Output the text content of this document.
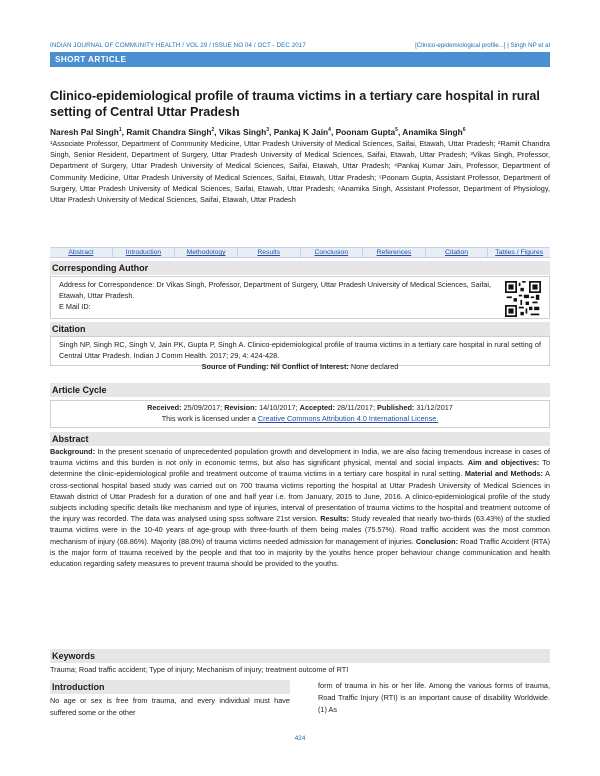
INDIAN JOURNAL OF COMMUNITY HEALTH / VOL 29 / ISSUE NO 04 / OCT - DEC 2017	[Clinico-epidemiological profile...] | Singh NP et al
SHORT ARTICLE
Clinico-epidemiological profile of trauma victims in a tertiary care hospital in rural setting of Central Uttar Pradesh
Naresh Pal Singh$^1$, Ramit Chandra Singh$^2$, Vikas Singh$^3$, Pankaj K Jain$^4$, Poonam Gupta$^5$, Anamika Singh$^6$
¹Associate Professor, Department of Community Medicine, Uttar Pradesh University of Medical Sciences, Saifai, Etawah, Uttar Pradesh; ²Ramit Chandra Singh, Senior Resident, Department of Surgery, Uttar Pradesh University of Medical Sciences, Saifai, Etawah, Uttar Pradesh; ³Vikas Singh, Professor, Department of Surgery, Uttar Pradesh University of Medical Sciences, Saifai, Etawah, Uttar Pradesh; ⁴Pankaj Kumar Jain, Professor, Department of Community Medicine, Uttar Pradesh University of Medical Sciences, Saifai, Etawah, Uttar Pradesh; ⁵Poonam Gupta, Assistant Professor, Department of Surgery, Uttar Pradesh University of Medical Sciences, Saifai, Etawah, Uttar Pradesh; ⁶Anamika Singh, Assistant Professor, Department of Physiology, Uttar Pradesh University of Medical Sciences, Saifai, Etawah, Uttar Pradesh
Abstract	Introduction	Methodology	Results	Conclusion	References	Citation	Tables / Figures
Corresponding Author
Address for Correspondence: Dr Vikas Singh, Professor, Department of Surgery, Uttar Pradesh University of Medical Sciences, Saifai, Etawah, Uttar Pradesh.
E Mail ID:
Citation
Singh NP, Singh RC, Singh V, Jain PK, Gupta P, Singh A. Clinico-epidemiological profile of trauma victims in a tertiary care hospital in rural setting of Central Uttar Pradesh. Indian J Comm Health. 2017; 29, 4: 424-428.
Source of Funding: Nil Conflict of Interest: None declared
Article Cycle
Received: 25/09/2017; Revision: 14/10/2017; Accepted: 28/11/2017; Published: 31/12/2017
This work is licensed under a Creative Commons Attribution 4.0 International License.
Abstract
Background: In the present scenario of unprecedented population growth and development in India, we are also facing tremendous increase in cases of trauma victims and this burden is not only in economic terms, but also has significant physical, mental and social impacts. Aim and objectives: To determine the clinic-epidemiological profile and treatment outcome of trauma victims in a tertiary care hospital in rural setting. Material and Methods: A cross-sectional hospital based study was carried out on 700 trauma victims reporting the hospital at Uttar Pradesh University of Medical Sciences in Etawah district of Uttar Pradesh for a duration of one and half year i.e. from January, 2015 to June, 2016. A clinico-epidemiological profile of the study subjects including specific details like mechanism and type of injuries, interval of presentation of trauma victims to the hospital and treatment outcome of the injury was recorded. The data was analysed using spss software 21st version. Results: Study revealed that nearly two-thirds (63.43%) of the studied trauma victims were in the 10-40 years of age-group with three-fourth of them being males (75.57%). Road traffic accident was the most common mechanism of injury (68.86%). Majority (88.0%) of trauma victims needed admission for management of injuries. Conclusion: Road Traffic Accident (RTA) is the major form of trauma received by the people and that too in majority by the youths hence proper behaviour change communication and health education regarding safety measures to prevent trauma should be provided to the youths.
Keywords
Trauma; Road traffic accident; Type of injury; Mechanism of injury; treatment outcome of RTI
Introduction
No age or sex is free from trauma, and every individual must have suffered some or the other
form of trauma in his or her life. Among the various forms of trauma, Road Traffic Injury (RTI) is an important cause of disability Worldwide.(1) As
424
